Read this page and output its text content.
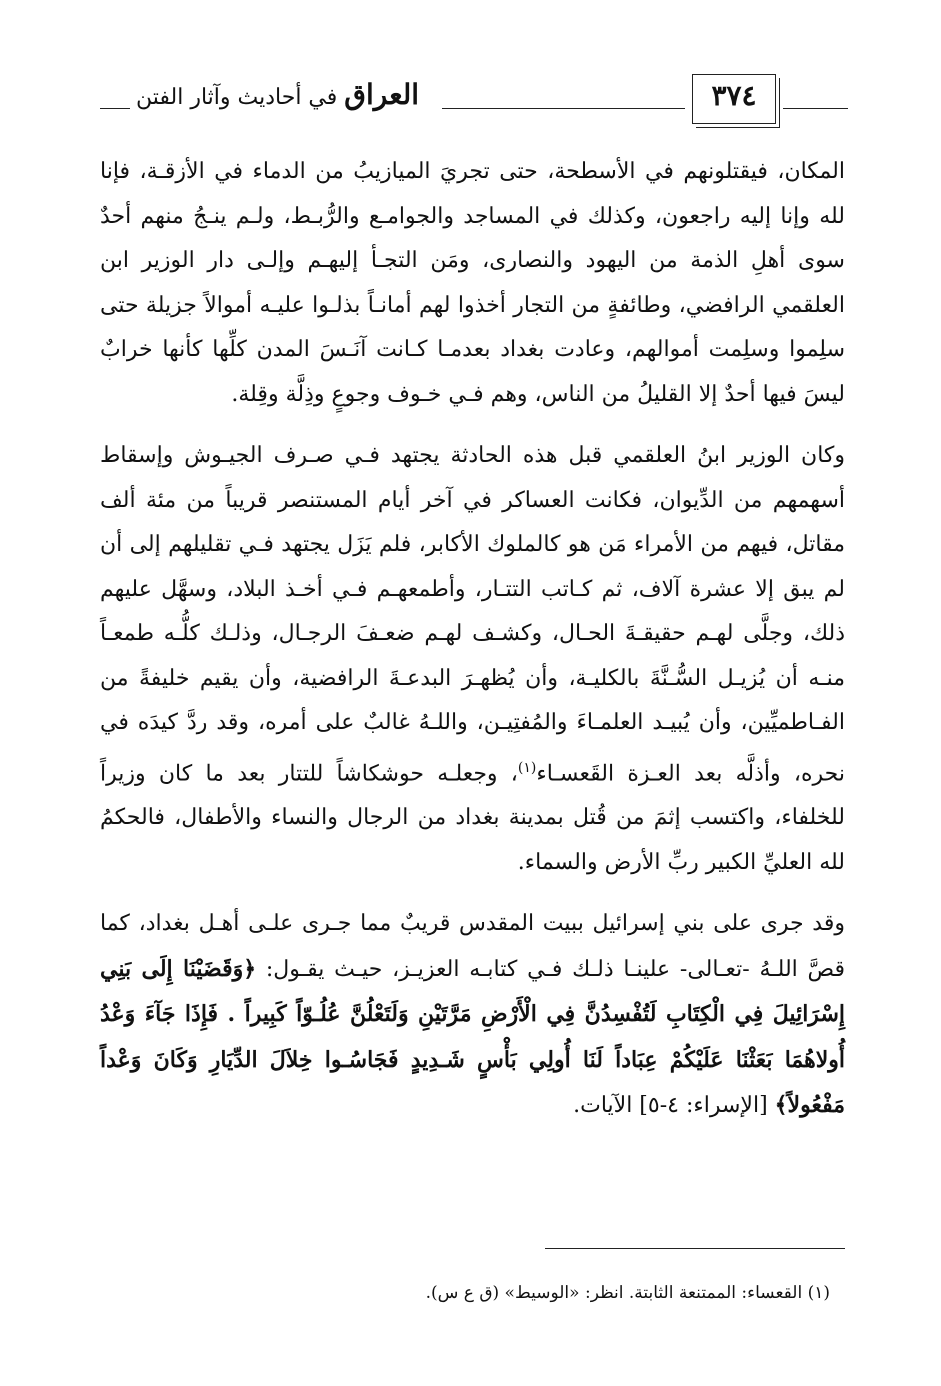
العراق في أحاديث وآثار الفتن	٣٧٤

المكان، فيقتلونهم في الأسطحة، حتى تجريَ الميازيبُ من الدماء في الأزقـة، فإنا لله وإنا إليه راجعون، وكذلك في المساجد والجوامـع والرُّبـط، ولـم ينـجُ منهم أحدٌ سوى أهلِ الذمة من اليهود والنصارى، ومَن التجـأ إليهـم وإلـى دار الوزير ابن العلقمي الرافضي، وطائفةٍ من التجار أخذوا لهم أمانـاً بذلـوا عليـه أموالاً جزيلة حتى سلِموا وسلِمت أموالهم، وعادت بغداد بعدمـا كـانت آنَـسَ المدن كلِّها كأنها خرابٌ ليسَ فيها أحدٌ إلا القليلُ من الناس، وهم فـي خـوف وجوعٍ وذِلَّة وقِلة.

وكان الوزير ابنُ العلقمي قبل هذه الحادثة يجتهد فـي صـرف الجيـوش وإسقاط أسهمهم من الدِّيوان، فكانت العساكر في آخر أيام المستنصر قريباً من مئة ألف مقاتل، فيهم من الأمراء مَن هو كالملوك الأكابر، فلم يَزَل يجتهد فـي تقليلهم إلى أن لم يبق إلا عشرة آلاف، ثم كـاتب التتـار، وأطمعهـم فـي أخـذ البلاد، وسهَّل عليهم ذلك، وجلَّى لهـم حقيقـةَ الحـال، وكشـف لهـم ضعـفَ الرجـال، وذلـك كلُّـه طمعـاً منـه أن يُزيـل السُّـنَّةَ بالكليـة، وأن يُظهـرَ البدعـةَ الرافضية، وأن يقيم خليفةً من الفـاطميِّين، وأن يُبيـد العلمـاءَ والمُفتِيـن، واللـهُ غالبٌ على أمره، وقد ردَّ كيدَه في نحره، وأذلَّه بعد العـزة القَعسـاء$^{(١)}$، وجعلـه حوشكاشاً للتتار بعد ما كان وزيراً للخلفاء، واكتسب إثمَ من قُتل بمدينة بغداد من الرجال والنساء والأطفال، فالحكمُ لله العليِّ الكبير ربِّ الأرض والسماء.

وقد جرى على بني إسرائيل ببيت المقدس قريبٌ مما جـرى علـى أهـل بغداد، كما قصَّ اللـهُ -تعـالى- علينـا ذلـك فـي كتابـه العزيـز، حيـث يقـول: ﴿وَقَضَيْنَا إِلَى بَنِي إِسْرَائِيلَ فِي الْكِتَابِ لَتُفْسِدُنَّ فِي الْأَرْضِ مَرَّتَيْنِ وَلَتَعْلُنَّ عُلُـوّاً كَبِيراً . فَإِذَا جَآءَ وَعْدُ أُولاهُمَا بَعَثْنَا عَلَيْكُمْ عِبَاداً لَنَا أُولِي بَأْسٍ شَـدِيدٍ فَجَاسُـوا خِلاَلَ الدِّيَارِ وَكَانَ وَعْداً مَفْعُولاً﴾ [الإسراء: ٤-٥] الآيات.

(١) القعساء: الممتنعة الثابتة. انظر: «الوسيط» (ق ع س).
